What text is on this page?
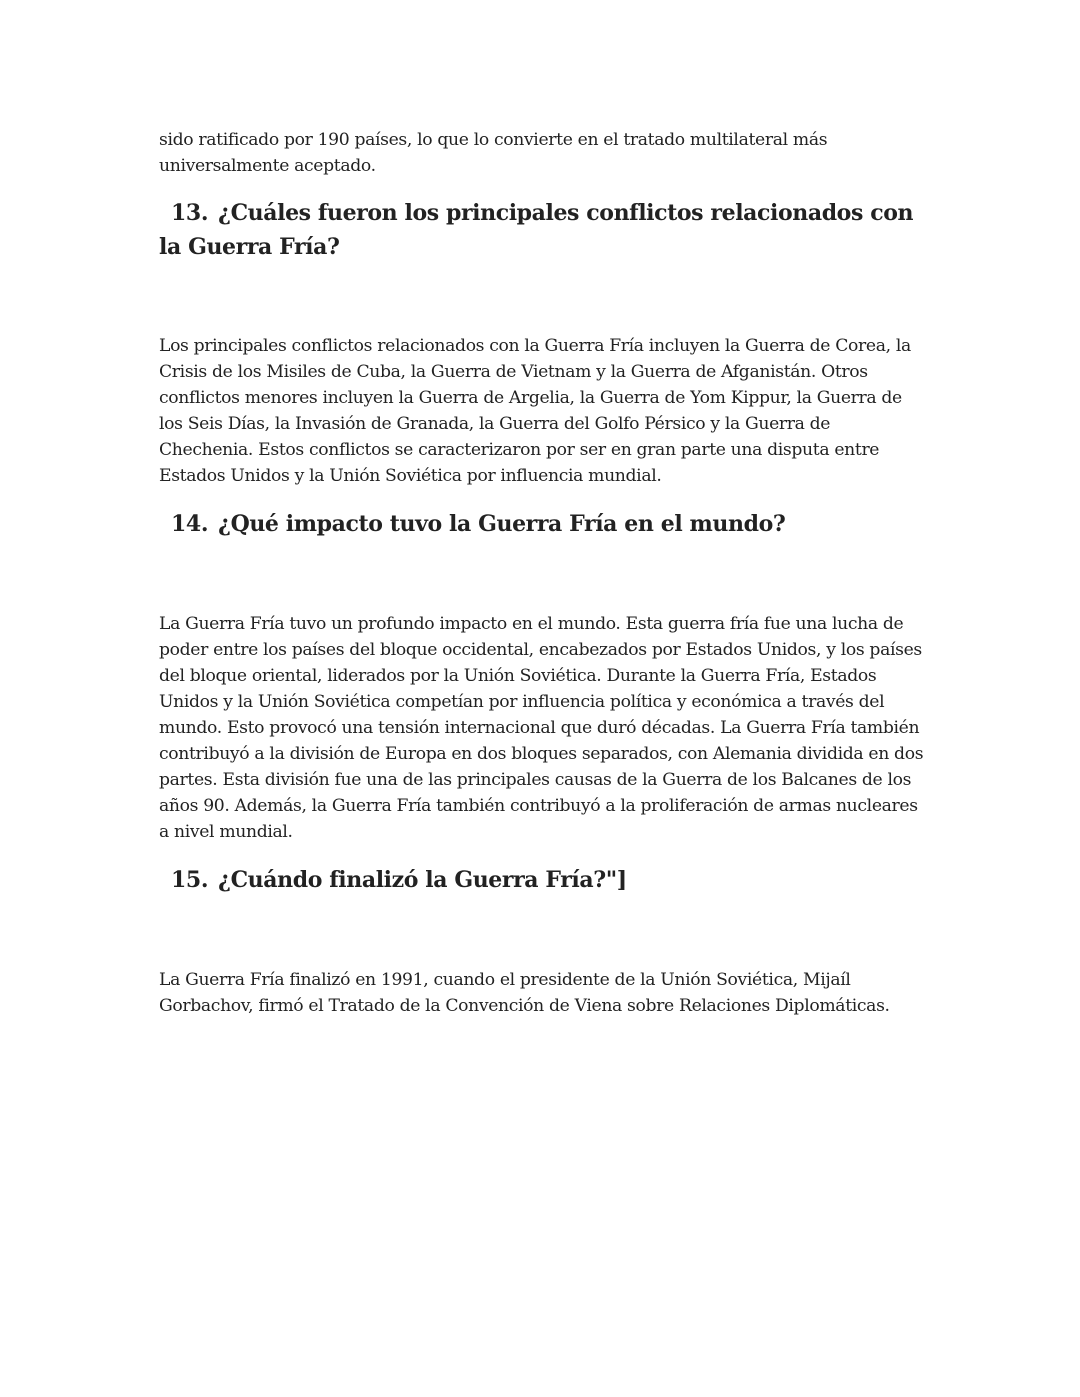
sido ratificado por 190 países, lo que lo convierte en el tratado multilateral más universalmente aceptado.

13. ¿Cuáles fueron los principales conflictos relacionados con la Guerra Fría?

Los principales conflictos relacionados con la Guerra Fría incluyen la Guerra de Corea, la Crisis de los Misiles de Cuba, la Guerra de Vietnam y la Guerra de Afganistán. Otros conflictos menores incluyen la Guerra de Argelia, la Guerra de Yom Kippur, la Guerra de los Seis Días, la Invasión de Granada, la Guerra del Golfo Pérsico y la Guerra de Chechenia. Estos conflictos se caracterizaron por ser en gran parte una disputa entre Estados Unidos y la Unión Soviética por influencia mundial.

14. ¿Qué impacto tuvo la Guerra Fría en el mundo?

La Guerra Fría tuvo un profundo impacto en el mundo. Esta guerra fría fue una lucha de poder entre los países del bloque occidental, encabezados por Estados Unidos, y los países del bloque oriental, liderados por la Unión Soviética. Durante la Guerra Fría, Estados Unidos y la Unión Soviética competían por influencia política y económica a través del mundo. Esto provocó una tensión internacional que duró décadas. La Guerra Fría también contribuyó a la división de Europa en dos bloques separados, con Alemania dividida en dos partes. Esta división fue una de las principales causas de la Guerra de los Balcanes de los años 90. Además, la Guerra Fría también contribuyó a la proliferación de armas nucleares a nivel mundial.

15. ¿Cuándo finalizó la Guerra Fría?"]

La Guerra Fría finalizó en 1991, cuando el presidente de la Unión Soviética, Mijaíl Gorbachov, firmó el Tratado de la Convención de Viena sobre Relaciones Diplomáticas.
